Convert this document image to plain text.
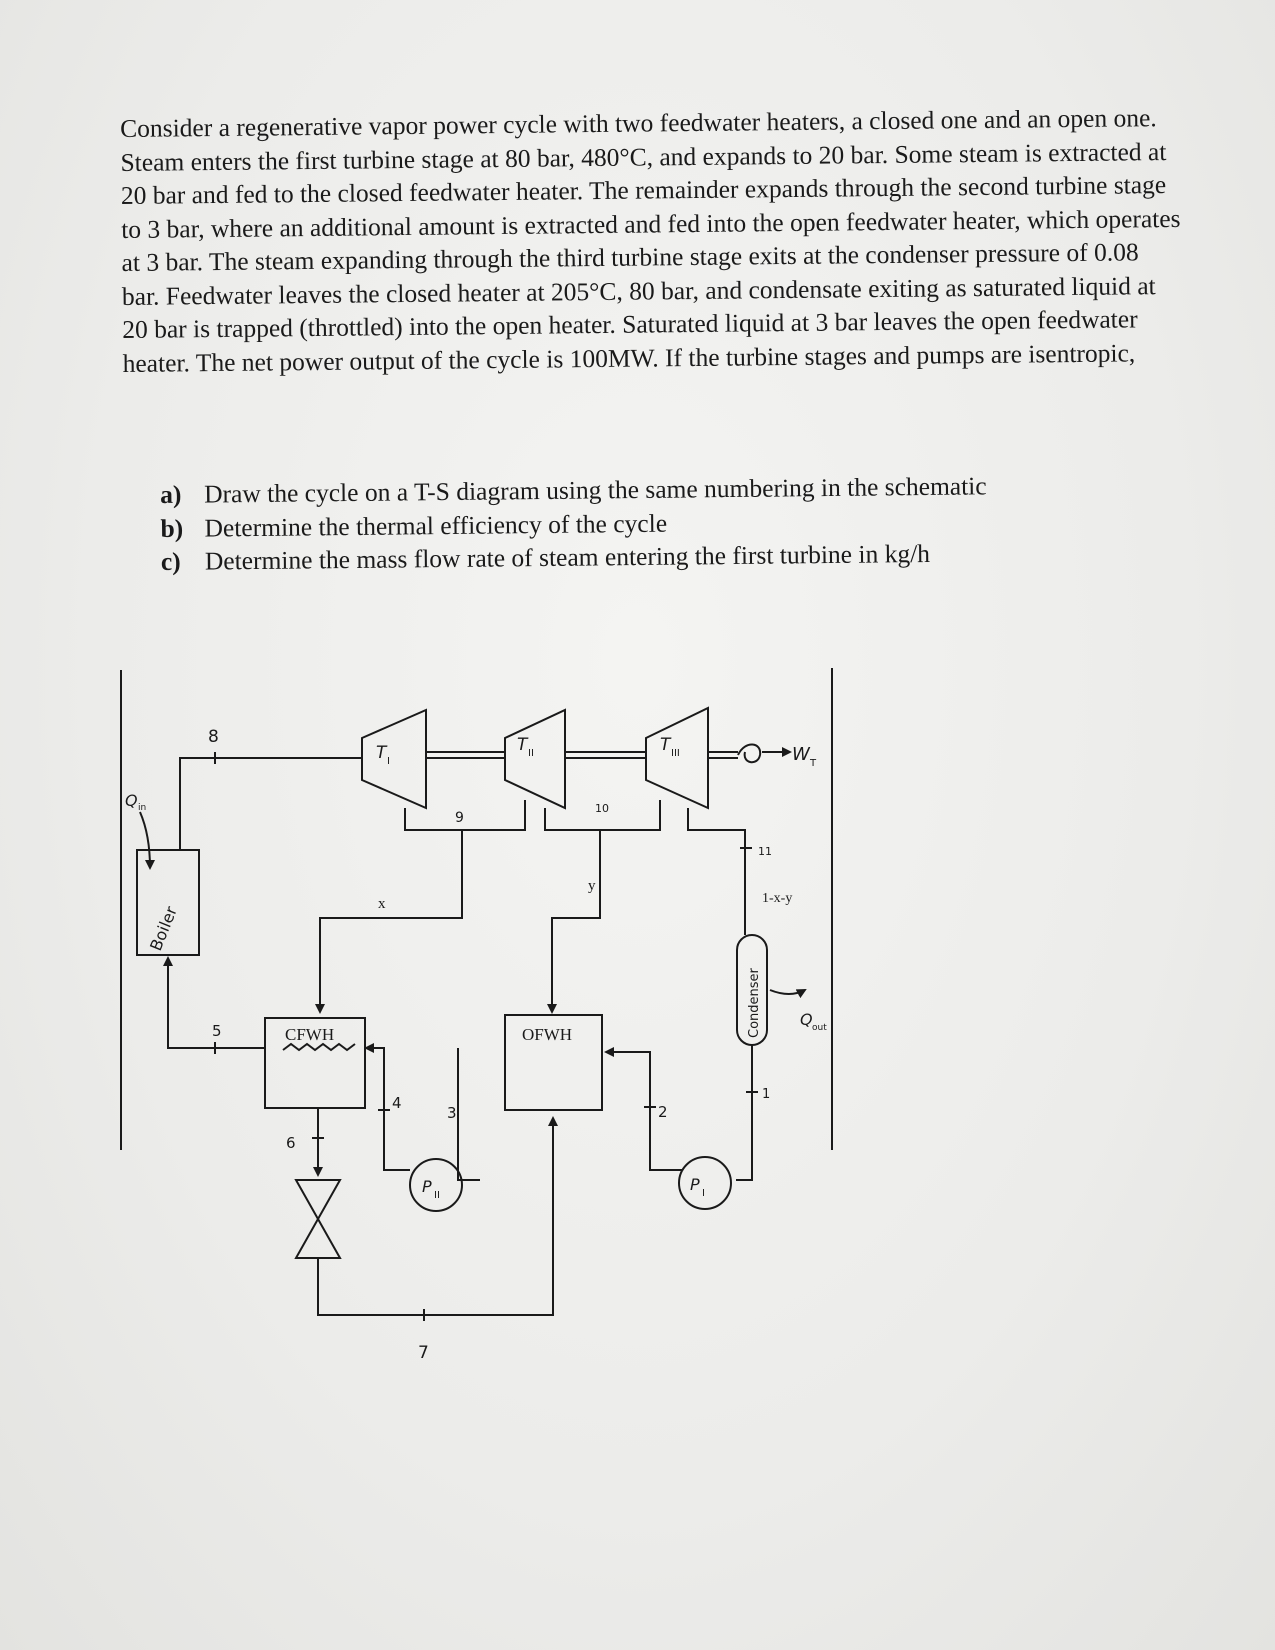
Consider a regenerative vapor power cycle with two feedwater heaters, a closed one and an open one. Steam enters the first turbine stage at 80 bar, 480°C, and expands to 20 bar. Some steam is extracted at 20 bar and fed to the closed feedwater heater. The remainder expands through the second turbine stage to 3 bar, where an additional amount is extracted and fed into the open feedwater heater, which operates at 3 bar. The steam expanding through the third turbine stage exits at the condenser pressure of 0.08 bar. Feedwater leaves the closed heater at 205°C, 80 bar, and condensate exiting as saturated liquid at 20 bar is trapped (throttled) into the open heater. Saturated liquid at 3 bar leaves the open feedwater heater. The net power output of the cycle is 100MW. If the turbine stages and pumps are isentropic,

a) Draw the cycle on a T-S diagram using the same numbering in the schematic
b) Determine the thermal efficiency of the cycle
c) Determine the mass flow rate of steam entering the first turbine in kg/h
Boiler
Condenser
CFWH	OFWH
T I
T II	T III
P II
P I
Q in
Q out
W T
1
2
3
4
5
6
7
8
9
10
11
x
y
1-x-y
